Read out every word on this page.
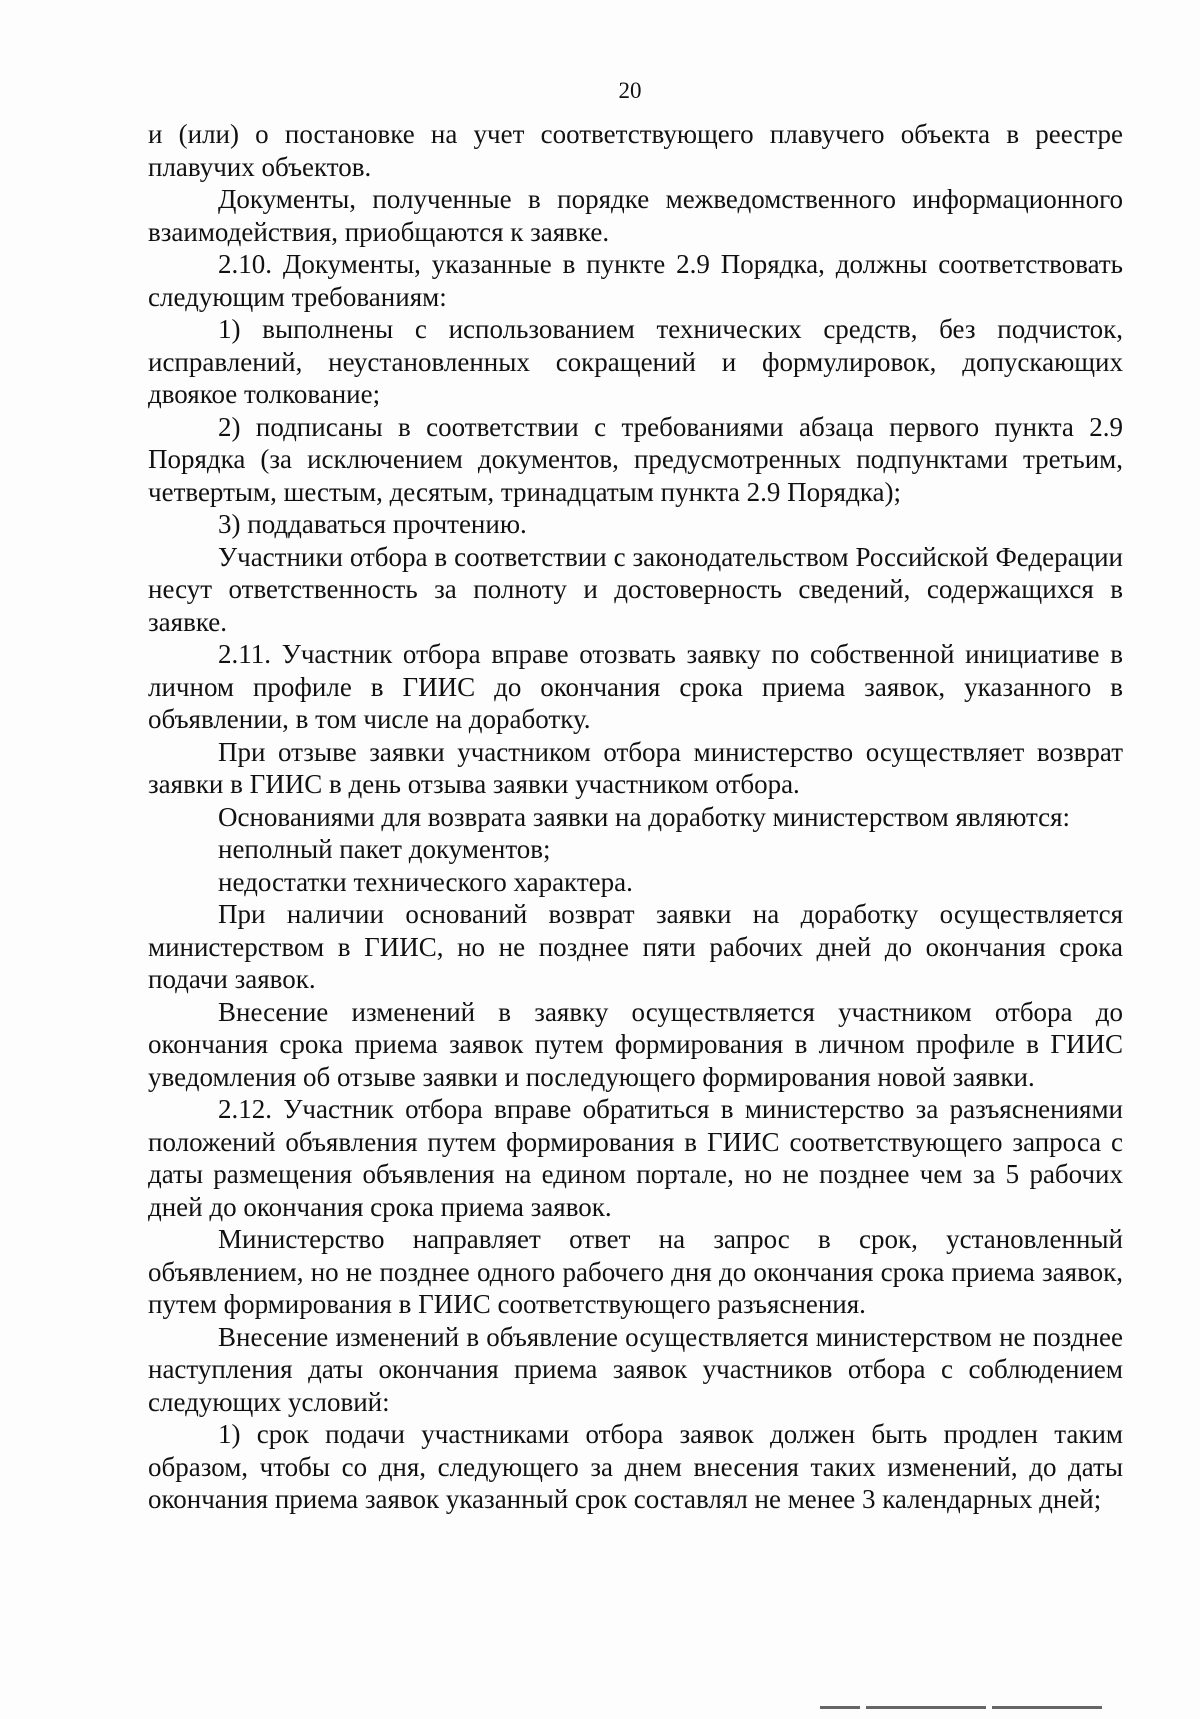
20

и (или) о постановке на учет соответствующего плавучего объекта в реестре плавучих объектов.

Документы, полученные в порядке межведомственного информационного взаимодействия, приобщаются к заявке.

2.10. Документы, указанные в пункте 2.9 Порядка, должны соответствовать следующим требованиям:

1) выполнены с использованием технических средств, без подчисток, исправлений, неустановленных сокращений и формулировок, допускающих двоякое толкование;

2) подписаны в соответствии с требованиями абзаца первого пункта 2.9 Порядка (за исключением документов, предусмотренных подпунктами третьим, четвертым, шестым, десятым, тринадцатым пункта 2.9 Порядка);

3) поддаваться прочтению.

Участники отбора в соответствии с законодательством Российской Федерации несут ответственность за полноту и достоверность сведений, содержащихся в заявке.

2.11. Участник отбора вправе отозвать заявку по собственной инициативе в личном профиле в ГИИС до окончания срока приема заявок, указанного в объявлении, в том числе на доработку.

При отзыве заявки участником отбора министерство осуществляет возврат заявки в ГИИС в день отзыва заявки участником отбора.

Основаниями для возврата заявки на доработку министерством являются:

неполный пакет документов;

недостатки технического характера.

При наличии оснований возврат заявки на доработку осуществляется министерством в ГИИС, но не позднее пяти рабочих дней до окончания срока подачи заявок.

Внесение изменений в заявку осуществляется участником отбора до окончания срока приема заявок путем формирования в личном профиле в ГИИС уведомления об отзыве заявки и последующего формирования новой заявки.

2.12. Участник отбора вправе обратиться в министерство за разъяснениями положений объявления путем формирования в ГИИС соответствующего запроса с даты размещения объявления на едином портале, но не позднее чем за 5 рабочих дней до окончания срока приема заявок.

Министерство направляет ответ на запрос в срок, установленный объявлением, но не позднее одного рабочего дня до окончания срока приема заявок, путем формирования в ГИИС соответствующего разъяснения.

Внесение изменений в объявление осуществляется министерством не позднее наступления даты окончания приема заявок участников отбора с соблюдением следующих условий:

1) срок подачи участниками отбора заявок должен быть продлен таким образом, чтобы со дня, следующего за днем внесения таких изменений, до даты окончания приема заявок указанный срок составлял не менее 3 календарных дней;
